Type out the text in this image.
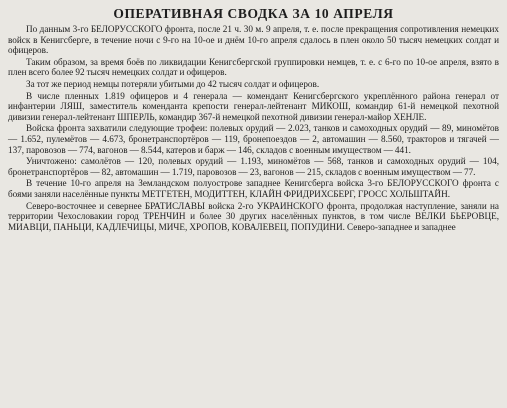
ОПЕРАТИВНАЯ СВОДКА ЗА 10 АПРЕЛЯ

По данным 3-го БЕЛОРУССКОГО фронта, после 21 ч. 30 м. 9 апреля, т. е. после прекращения сопротивления немецких войск в Кенигсберге, в течение ночи с 9-го на 10-ое и днём 10-го апреля сдалось в плен около 50 тысяч немецких солдат и офицеров.

Таким образом, за время боёв по ликвидации Кенигсбергской группировки немцев, т. е. с 6-го по 10-ое апреля, взято в плен всего более 92 тысяч немецких солдат и офицеров.

За тот же период немцы потеряли убитыми до 42 тысяч солдат и офицеров.

В числе пленных 1.819 офицеров и 4 генерала — комендант Кенигсбергского укреплённого района генерал от инфантерии ЛЯШ, заместитель коменданта крепости генерал-лейтенант МИКОШ, командир 61-й немецкой пехотной дивизии генерал-лейтенант ШПЕРЛЬ, командир 367-й немецкой пехотной дивизии генерал-майор ХЕНЛЕ.

Войска фронта захватили следующие трофеи: полевых орудий — 2.023, танков и самоходных орудий — 89, миномётов — 1.652, пулемётов — 4.673, бронетранспортёров — 119, бронепоездов — 2, автомашин — 8.560, тракторов и тягачей — 137, паровозов — 774, вагонов — 8.544, катеров и барж — 146, складов с военным имуществом — 441.

Уничтожено: самолётов — 120, полевых орудий — 1.193, миномётов — 568, танков и самоходных орудий — 104, бронетранспортёров — 82, автомашин — 1.719, паровозов — 23, вагонов — 215, складов с военным имуществом — 77.

В течение 10-го апреля на Земландском полуострове западнее Кенигсберга войска 3-го БЕЛОРУССКОГО фронта с боями заняли населённые пункты МЕТГЕТЕН, МОДИТТЕН, КЛАЙН ФРИДРИХСБЕРГ, ГРОСС ХОЛЬШТАЙН.

Северо-восточнее и севернее БРАТИСЛАВЫ войска 2-го УКРАИНСКОГО фронта, продолжая наступление, заняли на территории Чехословакии город ТРЕНЧИН и более 30 других населённых пунктов, в том числе ВЕЛКИ БЬЕРОВЦЕ, МИАВЦИ, ПАНЬЦИ, КАДЛЕЧИЦЫ, МИЧЕ, ХРОПОВ, КОВАЛЕВЕЦ, ПОПУДИНИ. Северо-западнее и западнее
